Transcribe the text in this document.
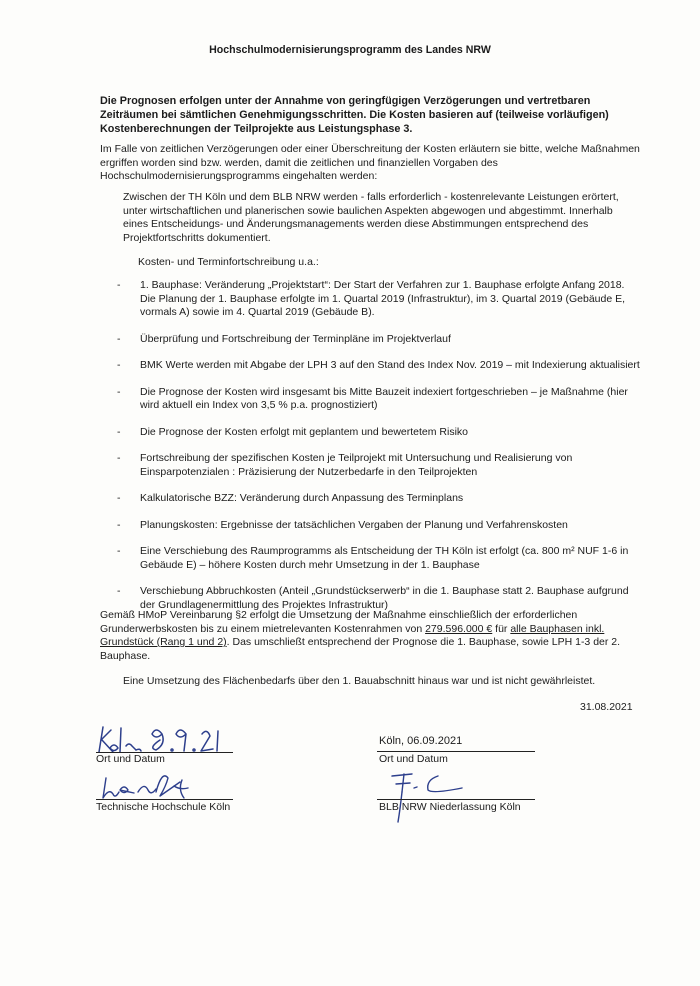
Hochschulmodernisierungsprogramm des Landes NRW
Die Prognosen erfolgen unter der Annahme von geringfügigen Verzögerungen und vertretbaren Zeiträumen bei sämtlichen Genehmigungsschritten. Die Kosten basieren auf (teilweise vorläufigen) Kostenberechnungen der Teilprojekte aus Leistungsphase 3.
Im Falle von zeitlichen Verzögerungen oder einer Überschreitung der Kosten erläutern sie bitte, welche Maßnahmen ergriffen worden sind bzw. werden, damit die zeitlichen und finanziellen Vorgaben des Hochschulmodernisierungsprogramms eingehalten werden:
Zwischen der TH Köln und dem BLB NRW werden - falls erforderlich - kostenrelevante Leistungen erörtert, unter wirtschaftlichen und planerischen sowie baulichen Aspekten abgewogen und abgestimmt. Innerhalb eines Entscheidungs- und Änderungsmanagements werden diese Abstimmungen entsprechend des Projektfortschritts dokumentiert.
Kosten- und Terminfortschreibung u.a.:
- 1. Bauphase: Veränderung „Projektstart“: Der Start der Verfahren zur 1. Bauphase erfolgte Anfang 2018. Die Planung der 1. Bauphase erfolgte im 1. Quartal 2019 (Infrastruktur), im 3. Quartal 2019 (Gebäude E, vormals A) sowie im 4. Quartal 2019 (Gebäude B).
- Überprüfung und Fortschreibung der Terminpläne im Projektverlauf
- BMK Werte werden mit Abgabe der LPH 3 auf den Stand des Index Nov. 2019 – mit Indexierung aktualisiert
- Die Prognose der Kosten wird insgesamt bis Mitte Bauzeit indexiert fortgeschrieben – je Maßnahme (hier wird aktuell ein Index von 3,5 % p.a. prognostiziert)
- Die Prognose der Kosten erfolgt mit geplantem und bewertetem Risiko
- Fortschreibung der spezifischen Kosten je Teilprojekt mit Untersuchung und Realisierung von Einsparpotenzialen : Präzisierung der Nutzerbedarfe in den Teilprojekten
- Kalkulatorische BZZ: Veränderung durch Anpassung des Terminplans
- Planungskosten: Ergebnisse der tatsächlichen Vergaben der Planung und Verfahrenskosten
- Eine Verschiebung des Raumprogramms als Entscheidung der TH Köln ist erfolgt (ca. 800 m² NUF 1-6 in Gebäude E) – höhere Kosten durch mehr Umsetzung in der 1. Bauphase
- Verschiebung Abbruchkosten (Anteil „Grundstückserwerb“ in die 1. Bauphase statt 2. Bauphase aufgrund der Grundlagenermittlung des Projektes Infrastruktur)
Gemäß HMoP Vereinbarung §2 erfolgt die Umsetzung der Maßnahme einschließlich der erforderlichen Grunderwerbskosten bis zu einem mietrelevanten Kostenrahmen von 279.596.000 € für alle Bauphasen inkl. Grundstück (Rang 1 und 2). Das umschließt entsprechend der Prognose die 1. Bauphase, sowie LPH 1-3 der 2. Bauphase.
Eine Umsetzung des Flächenbedarfs über den 1. Bauabschnitt hinaus war und ist nicht gewährleistet.
31.08.2021
Ort und Datum
Technische Hochschule Köln
Köln, 06.09.2021
Ort und Datum
BLB NRW Niederlassung Köln
